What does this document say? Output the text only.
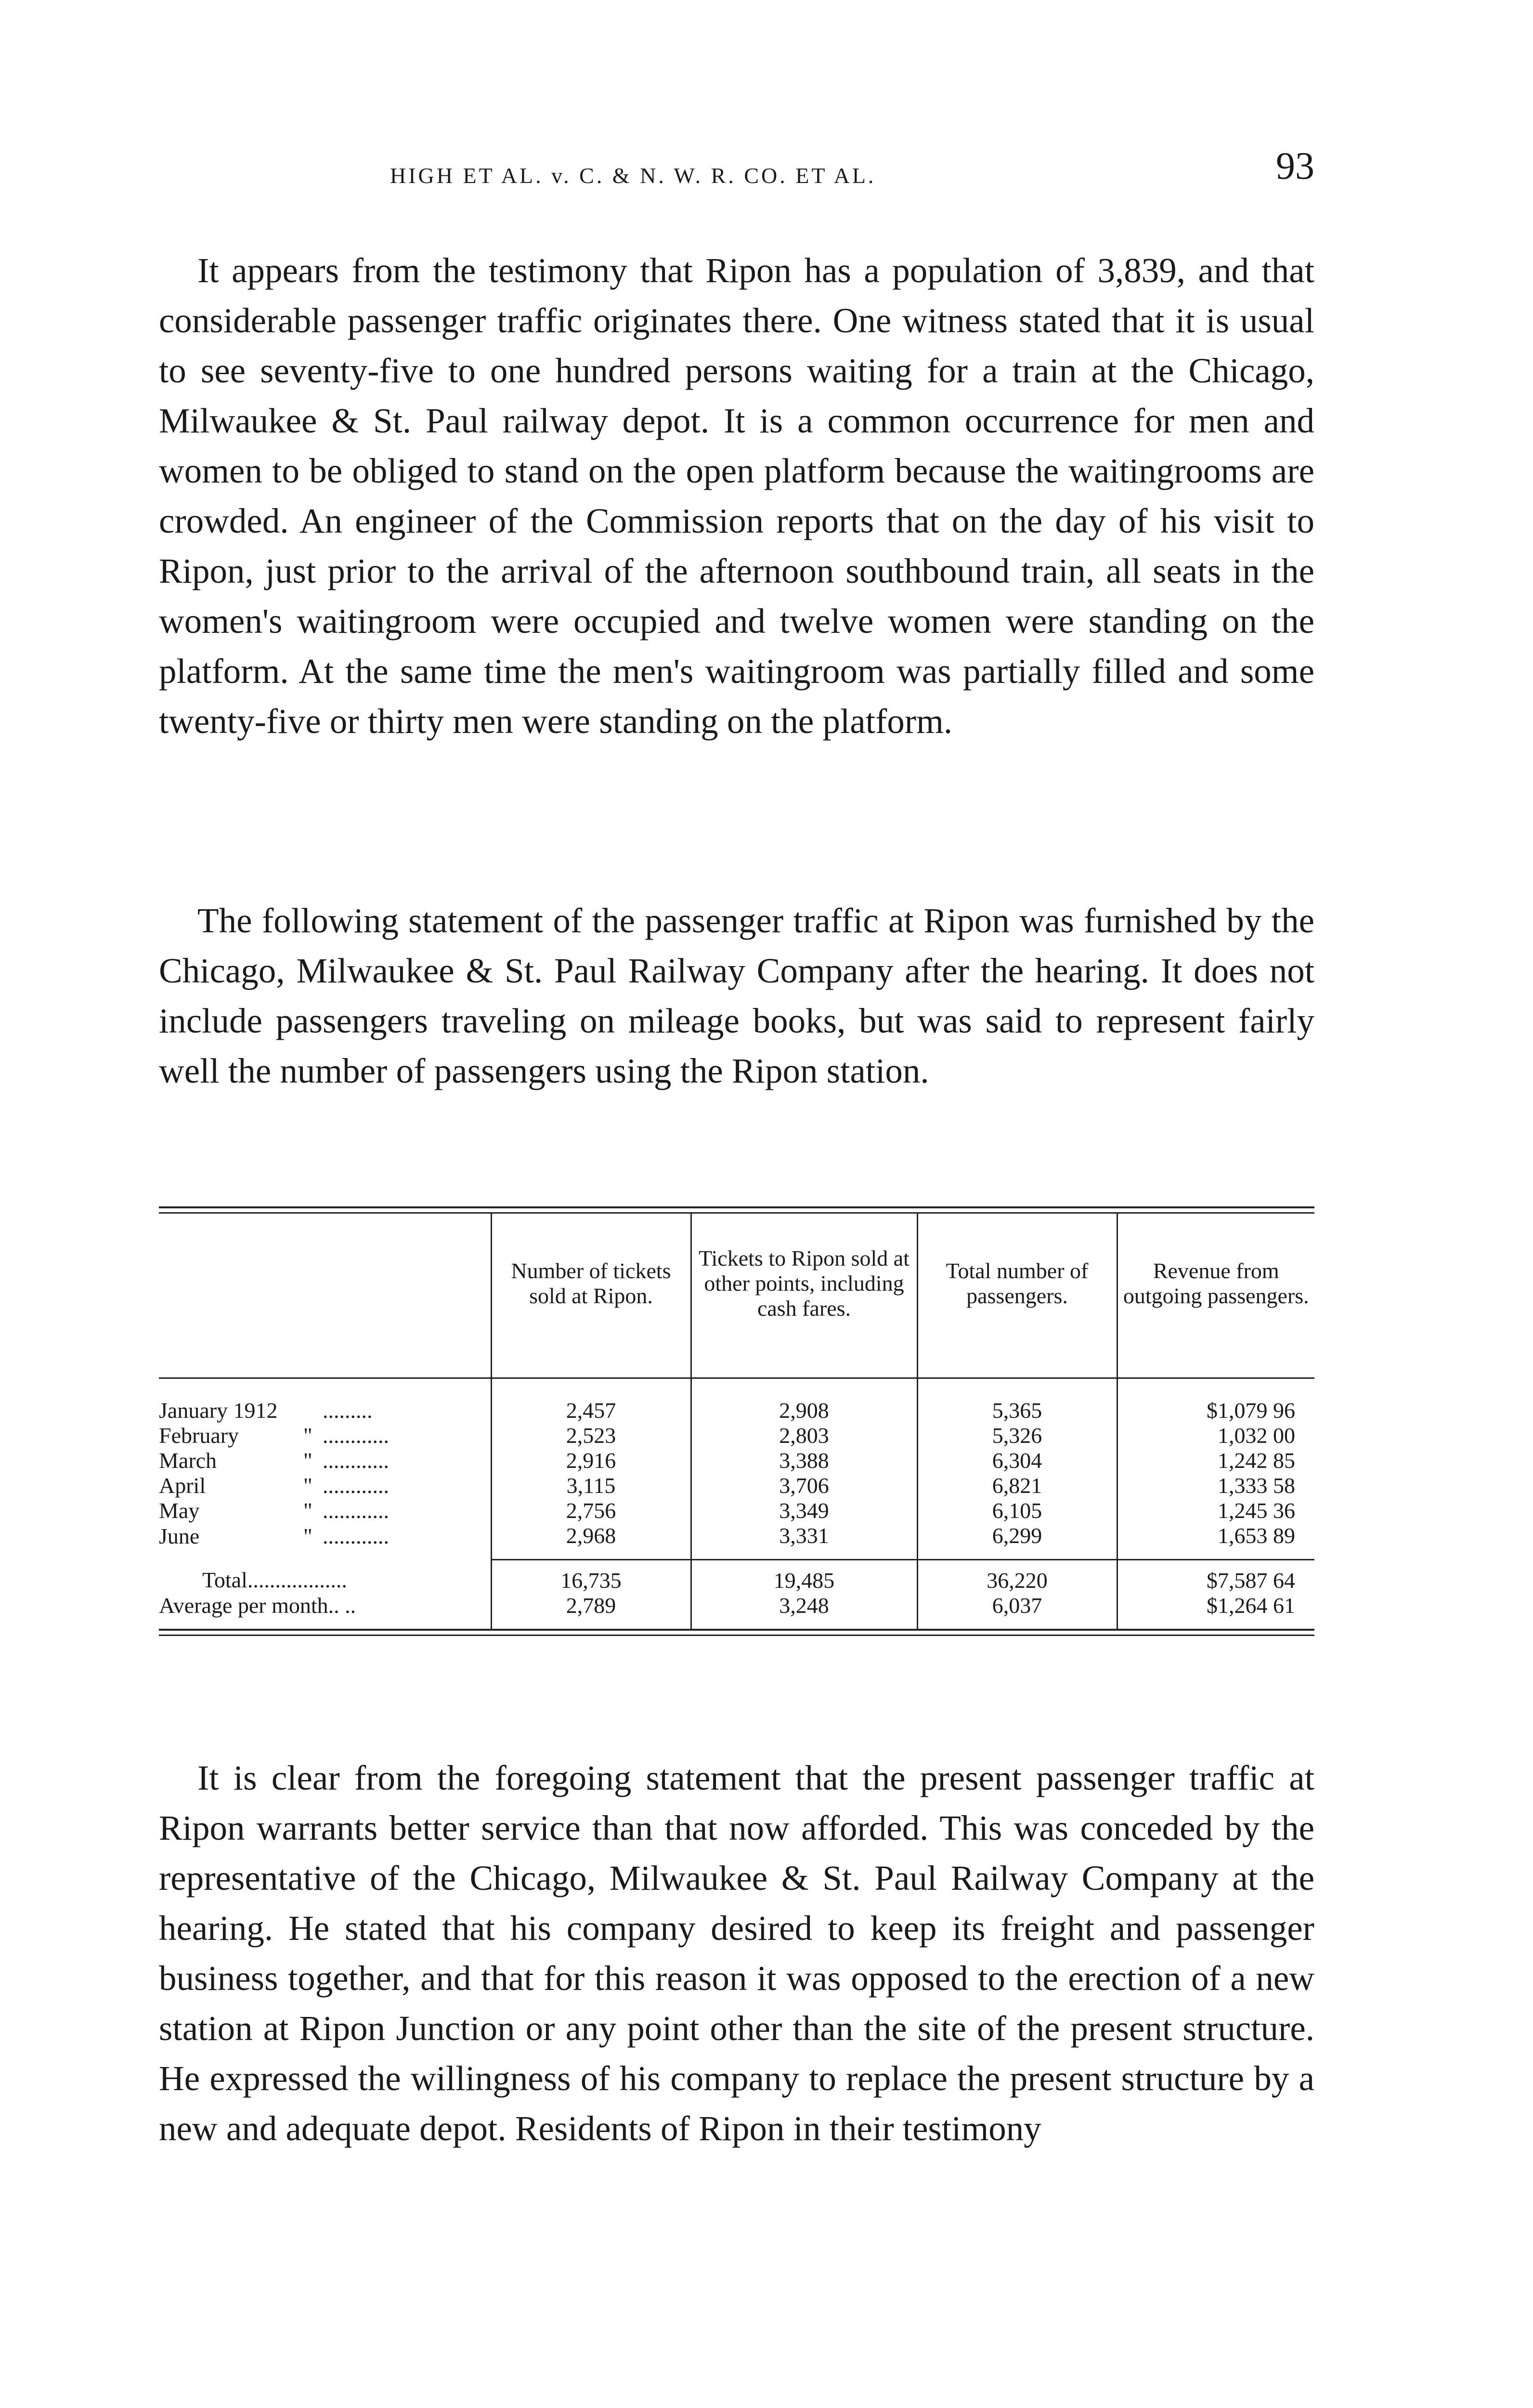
HIGH ET AL. v. C. & N. W. R. CO. ET AL.	93

It appears from the testimony that Ripon has a population of 3,839, and that considerable passenger traffic originates there. One witness stated that it is usual to see seventy-five to one hundred persons waiting for a train at the Chicago, Milwaukee & St. Paul railway depot. It is a common occurrence for men and women to be obliged to stand on the open platform because the waitingrooms are crowded. An engineer of the Commission reports that on the day of his visit to Ripon, just prior to the arrival of the afternoon southbound train, all seats in the women's waitingroom were occupied and twelve women were standing on the platform. At the same time the men's waitingroom was partially filled and some twenty-five or thirty men were standing on the platform.

The following statement of the passenger traffic at Ripon was furnished by the Chicago, Milwaukee & St. Paul Railway Company after the hearing. It does not include passengers traveling on mileage books, but was said to represent fairly well the number of passengers using the Ripon station.

	Number of tickets sold at Ripon.	Tickets to Ripon sold at other points, including cash fares.	Total number of passengers.	Revenue from outgoing passengers.
January 1912 .........	2,457	2,908	5,365	$1,079 96
February " ............	2,523	2,803	5,326	1,032 00
March " ............	2,916	3,388	6,304	1,242 85
April " ............	3,115	3,706	6,821	1,333 58
May " ............	2,756	3,349	6,105	1,245 36
June " ............	2,968	3,331	6,299	1,653 89
Total..................	16,735	19,485	36,220	$7,587 64
Average per month.. ..	2,789	3,248	6,037	$1,264 61

It is clear from the foregoing statement that the present passenger traffic at Ripon warrants better service than that now afforded. This was conceded by the representative of the Chicago, Milwaukee & St. Paul Railway Company at the hearing. He stated that his company desired to keep its freight and passenger business together, and that for this reason it was opposed to the erection of a new station at Ripon Junction or any point other than the site of the present structure. He expressed the willingness of his company to replace the present structure by a new and adequate depot. Residents of Ripon in their testimony
